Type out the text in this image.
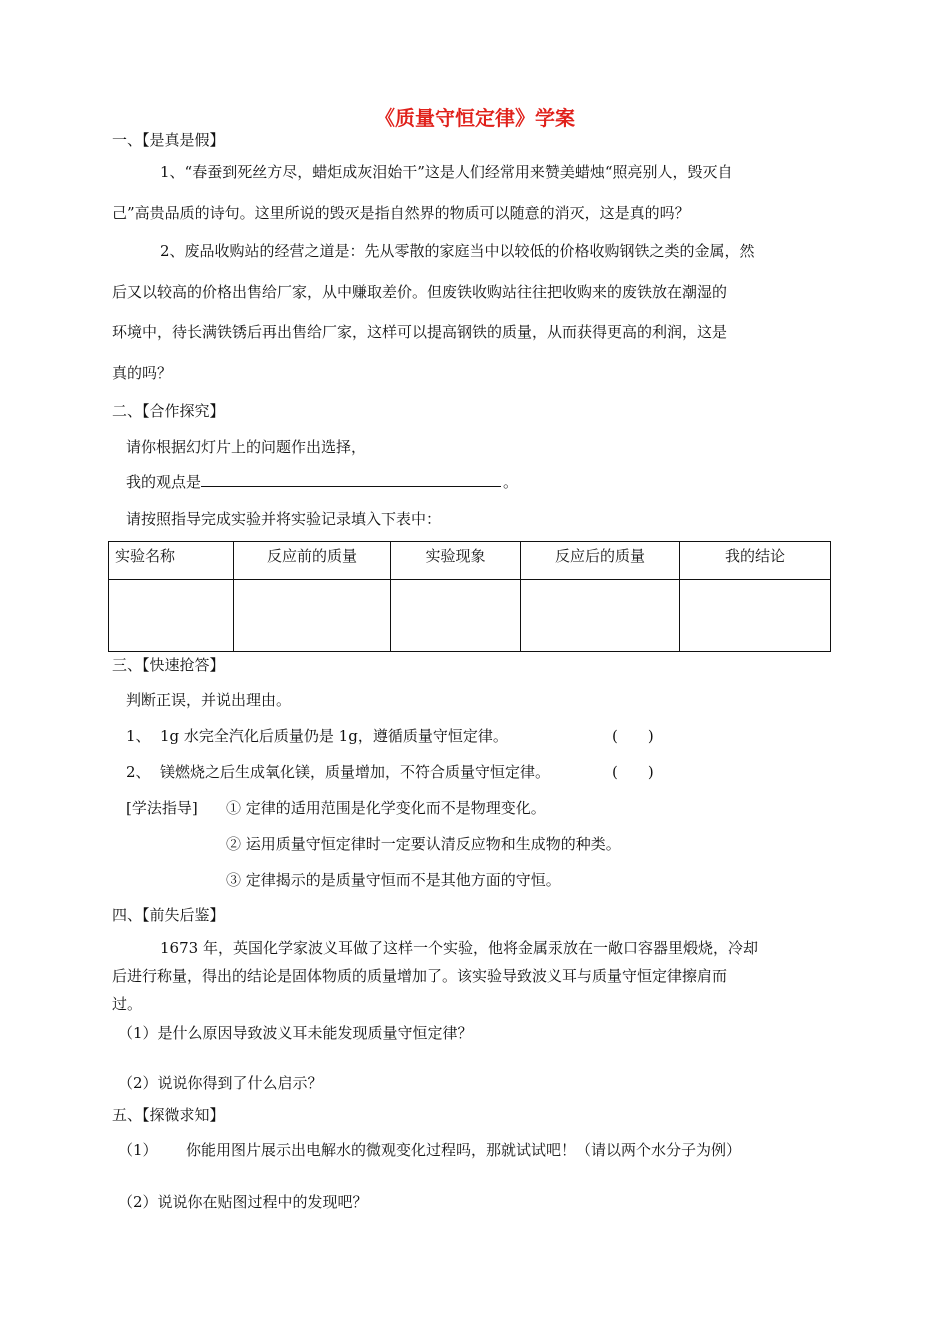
《质量守恒定律》学案
一、【是真是假】
1、“春蚕到死丝方尽，蜡炬成灰泪始干”这是人们经常用来赞美蜡烛“照亮别人，毁灭自
己”高贵品质的诗句。这里所说的毁灭是指自然界的物质可以随意的消灭，这是真的吗？
2、废品收购站的经营之道是：先从零散的家庭当中以较低的价格收购钢铁之类的金属，然
后又以较高的价格出售给厂家，从中赚取差价。但废铁收购站往往把收购来的废铁放在潮湿的
环境中，待长满铁锈后再出售给厂家，这样可以提高钢铁的质量，从而获得更高的利润，这是
真的吗？
二、【合作探究】
请你根据幻灯片上的问题作出选择，
我的观点是	。
请按照指导完成实验并将实验记录填入下表中：
实验名称	反应前的质量	实验现象	反应后的质量	我的结论

三、【快速抢答】
判断正误，并说出理由。
1、 1g 水完全汽化后质量仍是 1g，遵循质量守恒定律。	(　　)
2、 镁燃烧之后生成氧化镁，质量增加，不符合质量守恒定律。	(　　)
[学法指导] ① 定律的适用范围是化学变化而不是物理变化。
② 运用质量守恒定律时一定要认清反应物和生成物的种类。
③ 定律揭示的是质量守恒而不是其他方面的守恒。
四、【前失后鉴】
1673 年，英国化学家波义耳做了这样一个实验，他将金属汞放在一敞口容器里煅烧，冷却
后进行称量，得出的结论是固体物质的质量增加了。该实验导致波义耳与质量守恒定律擦肩而
过。
（1）是什么原因导致波义耳未能发现质量守恒定律？
（2）说说你得到了什么启示？
五、【探微求知】
（1） 你能用图片展示出电解水的微观变化过程吗，那就试试吧！（请以两个水分子为例）
（2）说说你在贴图过程中的发现吧？
